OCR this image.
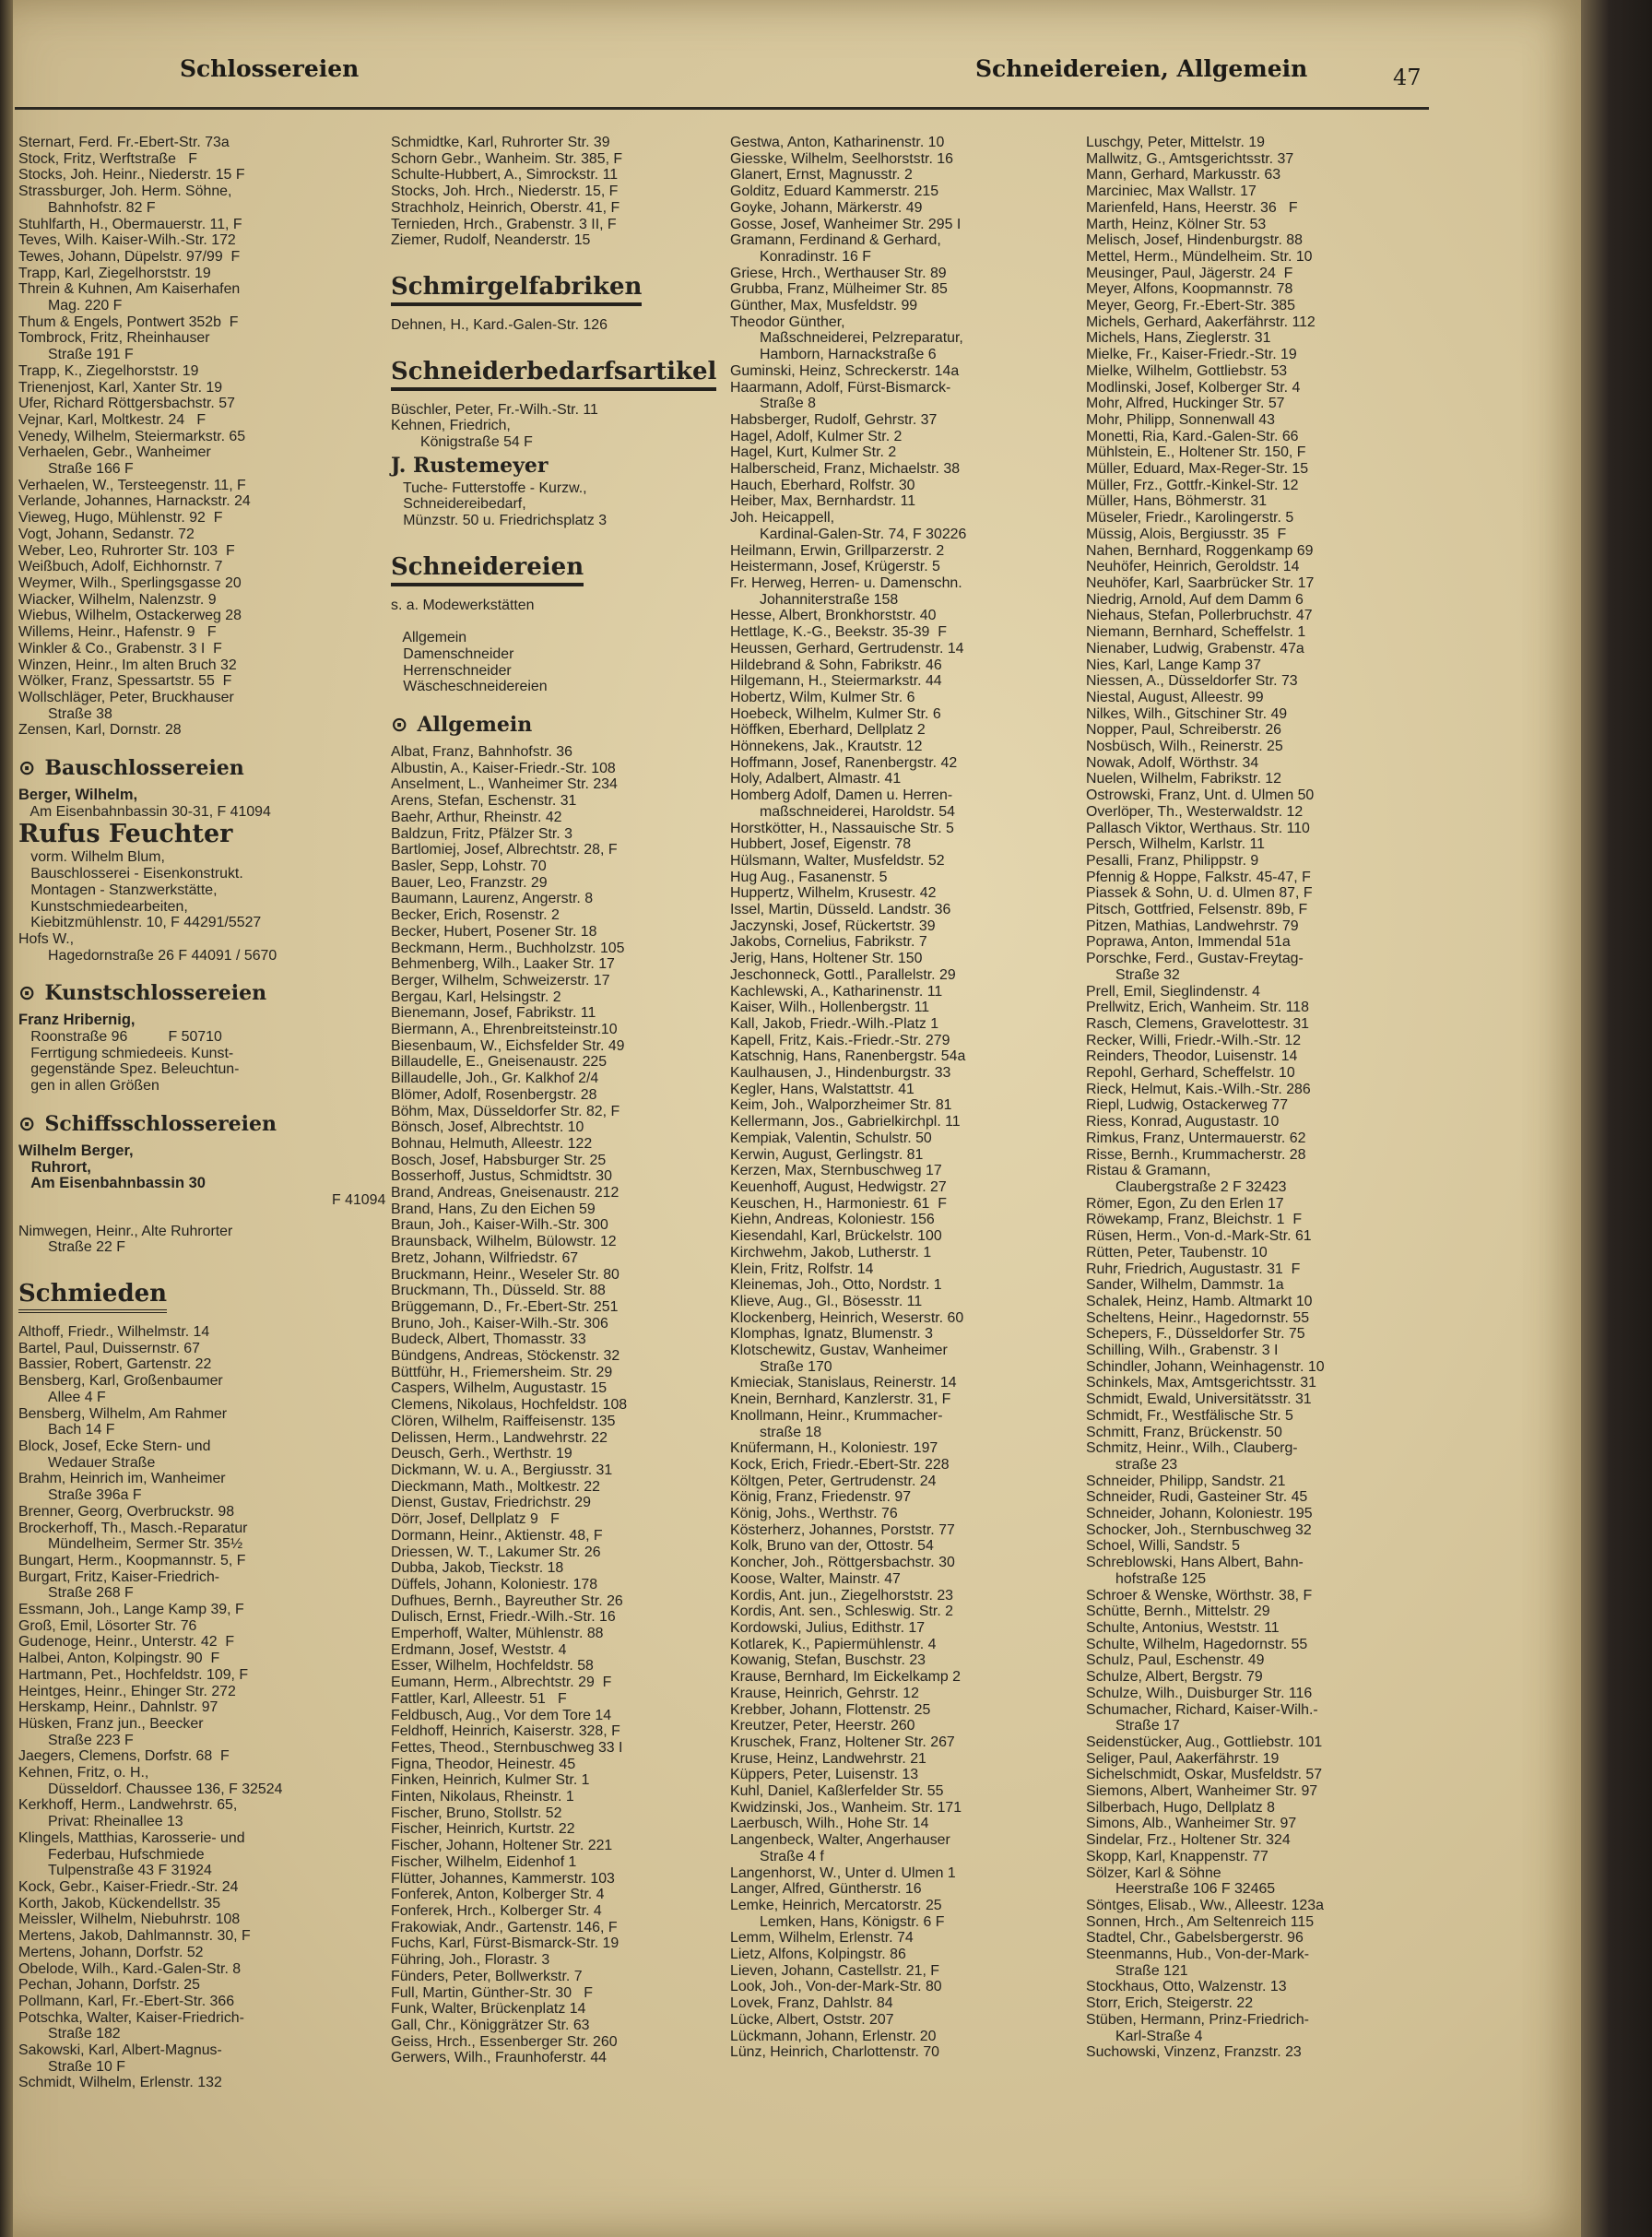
Schlossereien	Schneidereien, Allgemein	47
Sternart, Ferd. Fr.-Ebert-Str. 73a
Stock, Fritz, Werftstraße   F
Stocks, Joh. Heinr., Niederstr. 15 F
Strassburger, Joh. Herm. Söhne,
Bahnhofstr. 82 F
Stuhlfarth, H., Obermauerstr. 11, F
Teves, Wilh. Kaiser-Wilh.-Str. 172
Tewes, Johann, Düpelstr. 97/99  F
Trapp, Karl, Ziegelhorststr. 19
Threin & Kuhnen, Am Kaiserhafen
Mag. 220 F
Thum & Engels, Pontwert 352b  F
Tombrock, Fritz, Rheinhauser
Straße 191 F
Trapp, K., Ziegelhorststr. 19
Trienenjost, Karl, Xanter Str. 19
Ufer, Richard Röttgersbachstr. 57
Vejnar, Karl, Moltkestr. 24   F
Venedy, Wilhelm, Steiermarkstr. 65
Verhaelen, Gebr., Wanheimer
Straße 166 F
Verhaelen, W., Tersteegenstr. 11, F
Verlande, Johannes, Harnackstr. 24
Vieweg, Hugo, Mühlenstr. 92  F
Vogt, Johann, Sedanstr. 72
Weber, Leo, Ruhrorter Str. 103  F
Weißbuch, Adolf, Eichhornstr. 7
Weymer, Wilh., Sperlingsgasse 20
Wiacker, Wilhelm, Nalenzstr. 9
Wiebus, Wilhelm, Ostackerweg 28
Willems, Heinr., Hafenstr. 9   F
Winkler & Co., Grabenstr. 3 I  F
Winzen, Heinr., Im alten Bruch 32
Wölker, Franz, Spessartstr. 55  F
Wollschläger, Peter, Bruckhauser
Straße 38
Zensen, Karl, Dornstr. 28
⊙ Bauschlossereien
Berger, Wilhelm,
Am Eisenbahnbassin 30-31, F 41094
Rufus Feuchter
vorm. Wilhelm Blum,
Bauschlosserei - Eisenkonstrukt.
Montagen - Stanzwerkstätte,
Kunstschmiedearbeiten,
Kiebitzmühlenstr. 10, F 44291/5527
Hofs W.,
Hagedornstraße 26 F 44091 / 5670
⊙ Kunstschlossereien
Franz Hribernig,
Roonstraße 96          F 50710
Ferrtigung schmiedeeis. Kunst-
gegenstände Spez. Beleuchtun-
gen in allen Größen
⊙ Schiffsschlossereien
Wilhelm Berger,
Ruhrort,
Am Eisenbahnbassin 30
F 41094
Nimwegen, Heinr., Alte Ruhrorter
Straße 22 F
Schmieden
Althoff, Friedr., Wilhelmstr. 14
Bartel, Paul, Duissernstr. 67
Bassier, Robert, Gartenstr. 22
Bensberg, Karl, Großenbaumer
Allee 4 F
Bensberg, Wilhelm, Am Rahmer
Bach 14 F
Block, Josef, Ecke Stern- und
Wedauer Straße
Brahm, Heinrich im, Wanheimer
Straße 396a F
Brenner, Georg, Overbruckstr. 98
Brockerhoff, Th., Masch.-Reparatur
Mündelheim, Sermer Str. 35½
Bungart, Herm., Koopmannstr. 5, F
Burgart, Fritz, Kaiser-Friedrich-
Straße 268 F
Essmann, Joh., Lange Kamp 39, F
Groß, Emil, Lösorter Str. 76
Gudenoge, Heinr., Unterstr. 42  F
Halbei, Anton, Kolpingstr. 90  F
Hartmann, Pet., Hochfeldstr. 109, F
Heintges, Heinr., Ehinger Str. 272
Herskamp, Heinr., Dahnlstr. 97
Hüsken, Franz jun., Beecker
Straße 223 F
Jaegers, Clemens, Dorfstr. 68  F
Kehnen, Fritz, o. H.,
Düsseldorf. Chaussee 136, F 32524
Kerkhoff, Herm., Landwehrstr. 65,
Privat: Rheinallee 13
Klingels, Matthias, Karosserie- und
Federbau, Hufschmiede
Tulpenstraße 43 F 31924
Kock, Gebr., Kaiser-Friedr.-Str. 24
Korth, Jakob, Kückendellstr. 35
Meissler, Wilhelm, Niebuhrstr. 108
Mertens, Jakob, Dahlmannstr. 30, F
Mertens, Johann, Dorfstr. 52
Obelode, Wilh., Kard.-Galen-Str. 8
Pechan, Johann, Dorfstr. 25
Pollmann, Karl, Fr.-Ebert-Str. 366
Potschka, Walter, Kaiser-Friedrich-
Straße 182
Sakowski, Karl, Albert-Magnus-
Straße 10 F
Schmidt, Wilhelm, Erlenstr. 132
Schmidtke, Karl, Ruhrorter Str. 39
Schorn Gebr., Wanheim. Str. 385, F
Schulte-Hubbert, A., Simrockstr. 11
Stocks, Joh. Hrch., Niederstr. 15, F
Strachholz, Heinrich, Oberstr. 41, F
Ternieden, Hrch., Grabenstr. 3 II, F
Ziemer, Rudolf, Neanderstr. 15
Schmirgelfabriken
Dehnen, H., Kard.-Galen-Str. 126
Schneiderbedarfsartikel
Büschler, Peter, Fr.-Wilh.-Str. 11
Kehnen, Friedrich,
Königstraße 54 F
J. Rustemeyer
Tuche- Futterstoffe - Kurzw.,
Schneidereibedarf,
Münzstr. 50 u. Friedrichsplatz 3
Schneidereien
s. a. Modewerkstätten

Allgemein
Damenschneider
Herrenschneider
Wäscheschneidereien
⊙ Allgemein
Albat, Franz, Bahnhofstr. 36
Albustin, A., Kaiser-Friedr.-Str. 108
Anselment, L., Wanheimer Str. 234
Arens, Stefan, Eschenstr. 31
Baehr, Arthur, Rheinstr. 42
Baldzun, Fritz, Pfälzer Str. 3
Bartlomiej, Josef, Albrechtstr. 28, F
Basler, Sepp, Lohstr. 70
Bauer, Leo, Franzstr. 29
Baumann, Laurenz, Angerstr. 8
Becker, Erich, Rosenstr. 2
Becker, Hubert, Posener Str. 18
Beckmann, Herm., Buchholzstr. 105
Behmenberg, Wilh., Laaker Str. 17
Berger, Wilhelm, Schweizerstr. 17
Bergau, Karl, Helsingstr. 2
Bienemann, Josef, Fabrikstr. 11
Biermann, A., Ehrenbreitsteinstr.10
Biesenbaum, W., Eichsfelder Str. 49
Billaudelle, E., Gneisenaustr. 225
Billaudelle, Joh., Gr. Kalkhof 2/4
Blömer, Adolf, Rosenbergstr. 28
Böhm, Max, Düsseldorfer Str. 82, F
Bönsch, Josef, Albrechtstr. 10
Bohnau, Helmuth, Alleestr. 122
Bosch, Josef, Habsburger Str. 25
Bosserhoff, Justus, Schmidtstr. 30
Brand, Andreas, Gneisenaustr. 212
Brand, Hans, Zu den Eichen 59
Braun, Joh., Kaiser-Wilh.-Str. 300
Braunsback, Wilhelm, Bülowstr. 12
Bretz, Johann, Wilfriedstr. 67
Bruckmann, Heinr., Weseler Str. 80
Bruckmann, Th., Düsseld. Str. 88
Brüggemann, D., Fr.-Ebert-Str. 251
Bruno, Joh., Kaiser-Wilh.-Str. 306
Budeck, Albert, Thomasstr. 33
Bündgens, Andreas, Stöckenstr. 32
Büttführ, H., Friemersheim. Str. 29
Caspers, Wilhelm, Augustastr. 15
Clemens, Nikolaus, Hochfeldstr. 108
Clören, Wilhelm, Raiffeisenstr. 135
Delissen, Herm., Landwehrstr. 22
Deusch, Gerh., Werthstr. 19
Dickmann, W. u. A., Bergiusstr. 31
Dieckmann, Math., Moltkestr. 22
Dienst, Gustav, Friedrichstr. 29
Dörr, Josef, Dellplatz 9   F
Dormann, Heinr., Aktienstr. 48, F
Driessen, W. T., Lakumer Str. 26
Dubba, Jakob, Tieckstr. 18
Düffels, Johann, Koloniestr. 178
Dufhues, Bernh., Bayreuther Str. 26
Dulisch, Ernst, Friedr.-Wilh.-Str. 16
Emperhoff, Walter, Mühlenstr. 88
Erdmann, Josef, Weststr. 4
Esser, Wilhelm, Hochfeldstr. 58
Eumann, Herm., Albrechtstr. 29  F
Fattler, Karl, Alleestr. 51   F
Feldbusch, Aug., Vor dem Tore 14
Feldhoff, Heinrich, Kaiserstr. 328, F
Fettes, Theod., Sternbuschweg 33 I
Figna, Theodor, Heinestr. 45
Finken, Heinrich, Kulmer Str. 1
Finten, Nikolaus, Rheinstr. 1
Fischer, Bruno, Stollstr. 52
Fischer, Heinrich, Kurtstr. 22
Fischer, Johann, Holtener Str. 221
Fischer, Wilhelm, Eidenhof 1
Flütter, Johannes, Kammerstr. 103
Fonferek, Anton, Kolberger Str. 4
Fonferek, Hrch., Kolberger Str. 4
Frakowiak, Andr., Gartenstr. 146, F
Fuchs, Karl, Fürst-Bismarck-Str. 19
Führing, Joh., Florastr. 3
Fünders, Peter, Bollwerkstr. 7
Full, Martin, Günther-Str. 30   F
Funk, Walter, Brückenplatz 14
Gall, Chr., Königgrätzer Str. 63
Geiss, Hrch., Essenberger Str. 260
Gerwers, Wilh., Fraunhoferstr. 44
Gestwa, Anton, Katharinenstr. 10
Giesske, Wilhelm, Seelhorststr. 16
Glanert, Ernst, Magnusstr. 2
Golditz, Eduard Kammerstr. 215
Goyke, Johann, Märkerstr. 49
Gosse, Josef, Wanheimer Str. 295 I
Gramann, Ferdinand & Gerhard,
Konradinstr. 16 F
Griese, Hrch., Werthauser Str. 89
Grubba, Franz, Mülheimer Str. 85
Günther, Max, Musfeldstr. 99
Theodor Günther,
Maßschneiderei, Pelzreparatur,
Hamborn, Harnackstraße 6
Guminski, Heinz, Schreckerstr. 14a
Haarmann, Adolf, Fürst-Bismarck-
Straße 8
Habsberger, Rudolf, Gehrstr. 37
Hagel, Adolf, Kulmer Str. 2
Hagel, Kurt, Kulmer Str. 2
Halberscheid, Franz, Michaelstr. 38
Hauch, Eberhard, Rolfstr. 30
Heiber, Max, Bernhardstr. 11
Joh. Heicappell,
Kardinal-Galen-Str. 74, F 30226
Heilmann, Erwin, Grillparzerstr. 2
Heistermann, Josef, Krügerstr. 5
Fr. Herweg, Herren- u. Damenschn.
Johanniterstraße 158
Hesse, Albert, Bronkhorststr. 40
Hettlage, K.-G., Beekstr. 35-39  F
Heussen, Gerhard, Gertrudenstr. 14
Hildebrand & Sohn, Fabrikstr. 46
Hilgemann, H., Steiermarkstr. 44
Hobertz, Wilm, Kulmer Str. 6
Hoebeck, Wilhelm, Kulmer Str. 6
Höffken, Eberhard, Dellplatz 2
Hönnekens, Jak., Krautstr. 12
Hoffmann, Josef, Ranenbergstr. 42
Holy, Adalbert, Almastr. 41
Homberg Adolf, Damen u. Herren-
maßschneiderei, Haroldstr. 54
Horstkötter, H., Nassauische Str. 5
Hubbert, Josef, Eigenstr. 78
Hülsmann, Walter, Musfeldstr. 52
Hug Aug., Fasanenstr. 5
Huppertz, Wilhelm, Krusestr. 42
Issel, Martin, Düsseld. Landstr. 36
Jaczynski, Josef, Rückertstr. 39
Jakobs, Cornelius, Fabrikstr. 7
Jerig, Hans, Holtener Str. 150
Jeschonneck, Gottl., Parallelstr. 29
Kachlewski, A., Katharinenstr. 11
Kaiser, Wilh., Hollenbergstr. 11
Kall, Jakob, Friedr.-Wilh.-Platz 1
Kapell, Fritz, Kais.-Friedr.-Str. 279
Katschnig, Hans, Ranenbergstr. 54a
Kaulhausen, J., Hindenburgstr. 33
Kegler, Hans, Walstattstr. 41
Keim, Joh., Walporzheimer Str. 81
Kellermann, Jos., Gabrielkirchpl. 11
Kempiak, Valentin, Schulstr. 50
Kerwin, August, Gerlingstr. 81
Kerzen, Max, Sternbuschweg 17
Keuenhoff, August, Hedwigstr. 27
Keuschen, H., Harmoniestr. 61  F
Kiehn, Andreas, Koloniestr. 156
Kiesendahl, Karl, Brückelstr. 100
Kirchwehm, Jakob, Lutherstr. 1
Klein, Fritz, Rolfstr. 14
Kleinemas, Joh., Otto, Nordstr. 1
Klieve, Aug., Gl., Bösesstr. 11
Klockenberg, Heinrich, Weserstr. 60
Klomphas, Ignatz, Blumenstr. 3
Klotschewitz, Gustav, Wanheimer
Straße 170
Kmieciak, Stanislaus, Reinerstr. 14
Knein, Bernhard, Kanzlerstr. 31, F
Knollmann, Heinr., Krummacher-
straße 18
Knüfermann, H., Koloniestr. 197
Kock, Erich, Friedr.-Ebert-Str. 228
Költgen, Peter, Gertrudenstr. 24
König, Franz, Friedenstr. 97
König, Johs., Werthstr. 76
Kösterherz, Johannes, Porststr. 77
Kolk, Bruno van der, Ottostr. 54
Koncher, Joh., Röttgersbachstr. 30
Koose, Walter, Mainstr. 47
Kordis, Ant. jun., Ziegelhorststr. 23
Kordis, Ant. sen., Schleswig. Str. 2
Kordowski, Julius, Edithstr. 17
Kotlarek, K., Papiermühlenstr. 4
Kowanig, Stefan, Buschstr. 23
Krause, Bernhard, Im Eickelkamp 2
Krause, Heinrich, Gehrstr. 12
Krebber, Johann, Flottenstr. 25
Kreutzer, Peter, Heerstr. 260
Kruschek, Franz, Holtener Str. 267
Kruse, Heinz, Landwehrstr. 21
Küppers, Peter, Luisenstr. 13
Kuhl, Daniel, Kaßlerfelder Str. 55
Kwidzinski, Jos., Wanheim. Str. 171
Laerbusch, Wilh., Hohe Str. 14
Langenbeck, Walter, Angerhauser
Straße 4 f
Langenhorst, W., Unter d. Ulmen 1
Langer, Alfred, Güntherstr. 16
Lemke, Heinrich, Mercatorstr. 25
Lemken, Hans, Königstr. 6 F
Lemm, Wilhelm, Erlenstr. 74
Lietz, Alfons, Kolpingstr. 86
Lieven, Johann, Castellstr. 21, F
Look, Joh., Von-der-Mark-Str. 80
Lovek, Franz, Dahlstr. 84
Lücke, Albert, Oststr. 207
Lückmann, Johann, Erlenstr. 20
Lünz, Heinrich, Charlottenstr. 70
Luschgy, Peter, Mittelstr. 19
Mallwitz, G., Amtsgerichtsstr. 37
Mann, Gerhard, Markusstr. 63
Marciniec, Max Wallstr. 17
Marienfeld, Hans, Heerstr. 36   F
Marth, Heinz, Kölner Str. 53
Melisch, Josef, Hindenburgstr. 88
Mettel, Herm., Mündelheim. Str. 10
Meusinger, Paul, Jägerstr. 24  F
Meyer, Alfons, Koopmannstr. 78
Meyer, Georg, Fr.-Ebert-Str. 385
Michels, Gerhard, Aakerfährstr. 112
Michels, Hans, Zieglerstr. 31
Mielke, Fr., Kaiser-Friedr.-Str. 19
Mielke, Wilhelm, Gottliebstr. 53
Modlinski, Josef, Kolberger Str. 4
Mohr, Alfred, Huckinger Str. 57
Mohr, Philipp, Sonnenwall 43
Monetti, Ria, Kard.-Galen-Str. 66
Mühlstein, E., Holtener Str. 150, F
Müller, Eduard, Max-Reger-Str. 15
Müller, Frz., Gottfr.-Kinkel-Str. 12
Müller, Hans, Böhmerstr. 31
Müseler, Friedr., Karolingerstr. 5
Müssig, Alois, Bergiusstr. 35  F
Nahen, Bernhard, Roggenkamp 69
Neuhöfer, Heinrich, Geroldstr. 14
Neuhöfer, Karl, Saarbrücker Str. 17
Niedrig, Arnold, Auf dem Damm 6
Niehaus, Stefan, Pollerbruchstr. 47
Niemann, Bernhard, Scheffelstr. 1
Nienaber, Ludwig, Grabenstr. 47a
Nies, Karl, Lange Kamp 37
Niessen, A., Düsseldorfer Str. 73
Niestal, August, Alleestr. 99
Nilkes, Wilh., Gitschiner Str. 49
Nopper, Paul, Schreiberstr. 26
Nosbüsch, Wilh., Reinerstr. 25
Nowak, Adolf, Wörthstr. 34
Nuelen, Wilhelm, Fabrikstr. 12
Ostrowski, Franz, Unt. d. Ulmen 50
Overlöper, Th., Westerwaldstr. 12
Pallasch Viktor, Werthaus. Str. 110
Persch, Wilhelm, Karlstr. 11
Pesalli, Franz, Philippstr. 9
Pfennig & Hoppe, Falkstr. 45-47, F
Piassek & Sohn, U. d. Ulmen 87, F
Pitsch, Gottfried, Felsenstr. 89b, F
Pitzen, Mathias, Landwehrstr. 79
Poprawa, Anton, Immendal 51a
Porschke, Ferd., Gustav-Freytag-
Straße 32
Prell, Emil, Sieglindenstr. 4
Prellwitz, Erich, Wanheim. Str. 118
Rasch, Clemens, Gravelottestr. 31
Recker, Willi, Friedr.-Wilh.-Str. 12
Reinders, Theodor, Luisenstr. 14
Repohl, Gerhard, Scheffelstr. 10
Rieck, Helmut, Kais.-Wilh.-Str. 286
Riepl, Ludwig, Ostackerweg 77
Riess, Konrad, Augustastr. 10
Rimkus, Franz, Untermauerstr. 62
Risse, Bernh., Krummacherstr. 28
Ristau & Gramann,
Claubergstraße 2 F 32423
Römer, Egon, Zu den Erlen 17
Röwekamp, Franz, Bleichstr. 1  F
Rüsen, Herm., Von-d.-Mark-Str. 61
Rütten, Peter, Taubenstr. 10
Ruhr, Friedrich, Augustastr. 31  F
Sander, Wilhelm, Dammstr. 1a
Schalek, Heinz, Hamb. Altmarkt 10
Scheltens, Heinr., Hagedornstr. 55
Schepers, F., Düsseldorfer Str. 75
Schilling, Wilh., Grabenstr. 3 I
Schindler, Johann, Weinhagenstr. 10
Schinkels, Max, Amtsgerichtsstr. 31
Schmidt, Ewald, Universitätsstr. 31
Schmidt, Fr., Westfälische Str. 5
Schmitt, Franz, Brückenstr. 50
Schmitz, Heinr., Wilh., Clauberg-
straße 23
Schneider, Philipp, Sandstr. 21
Schneider, Rudi, Gasteiner Str. 45
Schneider, Johann, Koloniestr. 195
Schocker, Joh., Sternbuschweg 32
Schoel, Willi, Sandstr. 5
Schreblowski, Hans Albert, Bahn-
hofstraße 125
Schroer & Wenske, Wörthstr. 38, F
Schütte, Bernh., Mittelstr. 29
Schulte, Antonius, Weststr. 11
Schulte, Wilhelm, Hagedornstr. 55
Schulz, Paul, Eschenstr. 49
Schulze, Albert, Bergstr. 79
Schulze, Wilh., Duisburger Str. 116
Schumacher, Richard, Kaiser-Wilh.-
Straße 17
Seidenstücker, Aug., Gottliebstr. 101
Seliger, Paul, Aakerfährstr. 19
Sichelschmidt, Oskar, Musfeldstr. 57
Siemons, Albert, Wanheimer Str. 97
Silberbach, Hugo, Dellplatz 8
Simons, Alb., Wanheimer Str. 97
Sindelar, Frz., Holtener Str. 324
Skopp, Karl, Knappenstr. 77
Sölzer, Karl & Söhne
Heerstraße 106 F 32465
Söntges, Elisab., Ww., Alleestr. 123a
Sonnen, Hrch., Am Seltenreich 115
Stadtel, Chr., Gabelsbergerstr. 96
Steenmanns, Hub., Von-der-Mark-
Straße 121
Stockhaus, Otto, Walzenstr. 13
Storr, Erich, Steigerstr. 22
Stüben, Hermann, Prinz-Friedrich-
Karl-Straße 4
Suchowski, Vinzenz, Franzstr. 23
